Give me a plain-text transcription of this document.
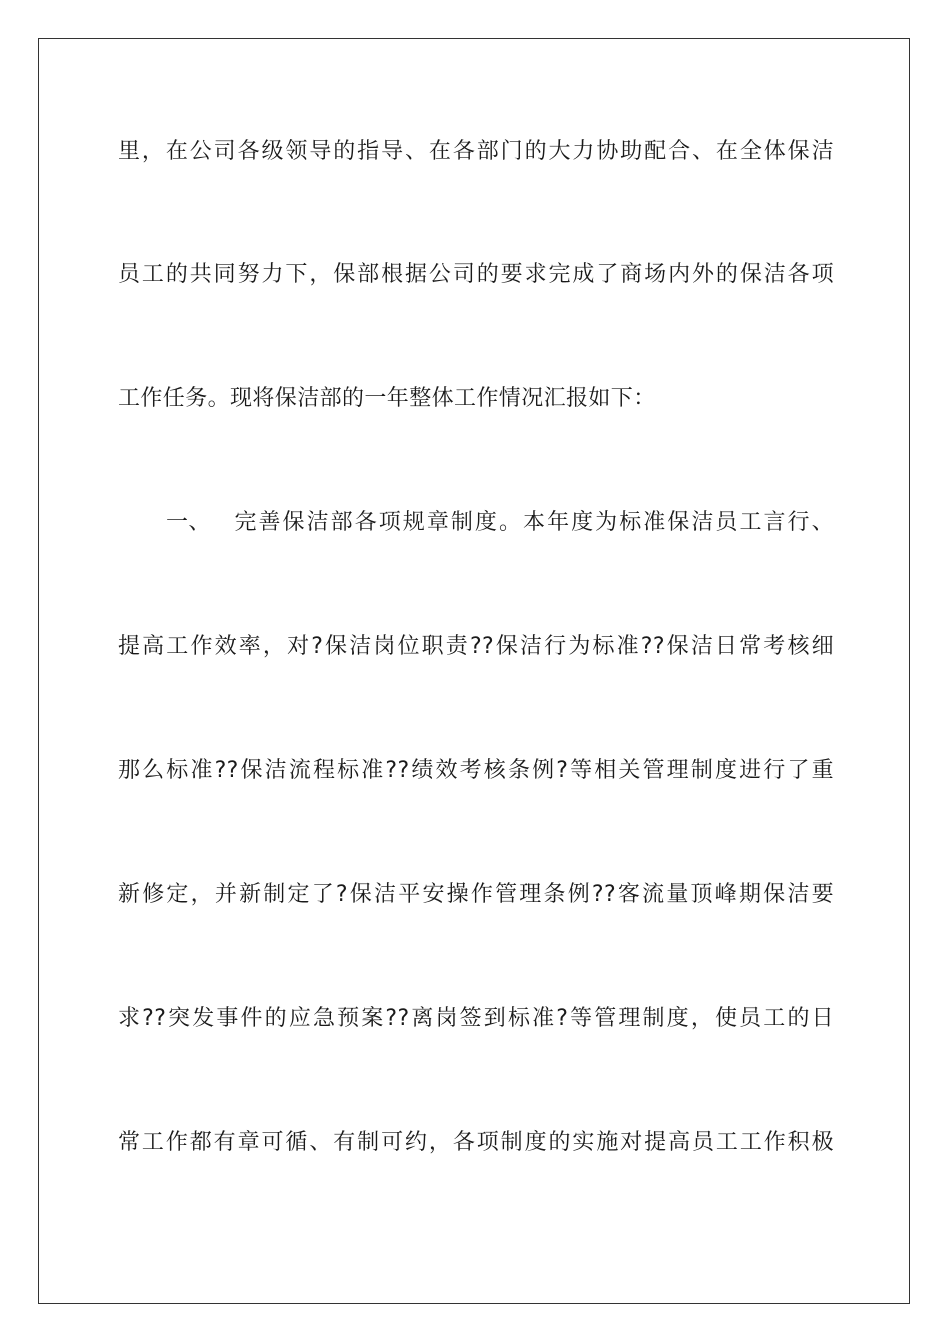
里，在公司各级领导的指导、在各部门的大力协助配合、在全体保洁
员工的共同努力下，保部根据公司的要求完成了商场内外的保洁各项
工作任务。现将保洁部的一年整体工作情况汇报如下：
一、 完善保洁部各项规章制度。本年度为标准保洁员工言行、
提高工作效率，对?保洁岗位职责??保洁行为标准??保洁日常考核细
那么标准??保洁流程标准??绩效考核条例?等相关管理制度进行了重
新修定，并新制定了?保洁平安操作管理条例??客流量顶峰期保洁要
求??突发事件的应急预案??离岗签到标准?等管理制度，使员工的日
常工作都有章可循、有制可约，各项制度的实施对提高员工工作积极
